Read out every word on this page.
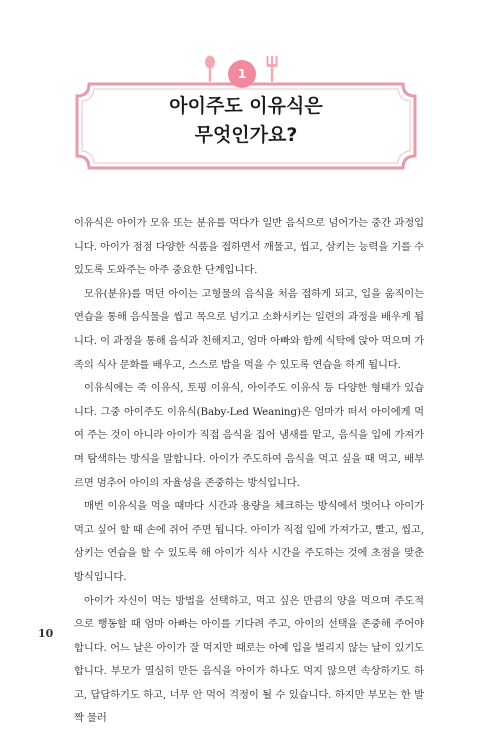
1
아이주도 이유식은
무엇인가요?

이유식은 아이가 모유 또는 분유를 먹다가 일반 음식으로 넘어가는 중간 과정입니다. 아이가 점점 다양한 식품을 접하면서 깨물고, 씹고, 삼키는 능력을 기를 수 있도록 도와주는 아주 중요한 단계입니다.

모유(분유)를 먹던 아이는 고형물의 음식을 처음 접하게 되고, 입을 움직이는 연습을 통해 음식물을 씹고 목으로 넘기고 소화시키는 일련의 과정을 배우게 됩니다. 이 과정을 통해 음식과 친해지고, 엄마 아빠와 함께 식탁에 앉아 먹으며 가족의 식사 문화를 배우고, 스스로 밥을 먹을 수 있도록 연습을 하게 됩니다.

이유식에는 죽 이유식, 토핑 이유식, 아이주도 이유식 등 다양한 형태가 있습니다. 그중 아이주도 이유식(Baby-Led Weaning)은 엄마가 떠서 아이에게 먹여 주는 것이 아니라 아이가 직접 음식을 집어 냄새를 맡고, 음식을 입에 가져가며 탐색하는 방식을 말합니다. 아이가 주도하여 음식을 먹고 싶을 때 먹고, 배부르면 멈추어 아이의 자율성을 존중하는 방식입니다.

매번 이유식을 먹을 때마다 시간과 용량을 체크하는 방식에서 벗어나 아이가 먹고 싶어 할 때 손에 쥐어 주면 됩니다. 아이가 직접 입에 가져가고, 빨고, 씹고, 삼키는 연습을 할 수 있도록 해 아이가 식사 시간을 주도하는 것에 초점을 맞춘 방식입니다.

아이가 자신이 먹는 방법을 선택하고, 먹고 싶은 만큼의 양을 먹으며 주도적으로 행동할 때 엄마 아빠는 아이를 기다려 주고, 아이의 선택을 존중해 주어야 합니다. 어느 날은 아이가 잘 먹지만 때로는 아예 입을 벌리지 않는 날이 있기도 합니다. 부모가 열심히 만든 음식을 아이가 하나도 먹지 않으면 속상하기도 하고, 답답하기도 하고, 너무 안 먹어 걱정이 될 수 있습니다. 하지만 부모는 한 발짝 물러

10
